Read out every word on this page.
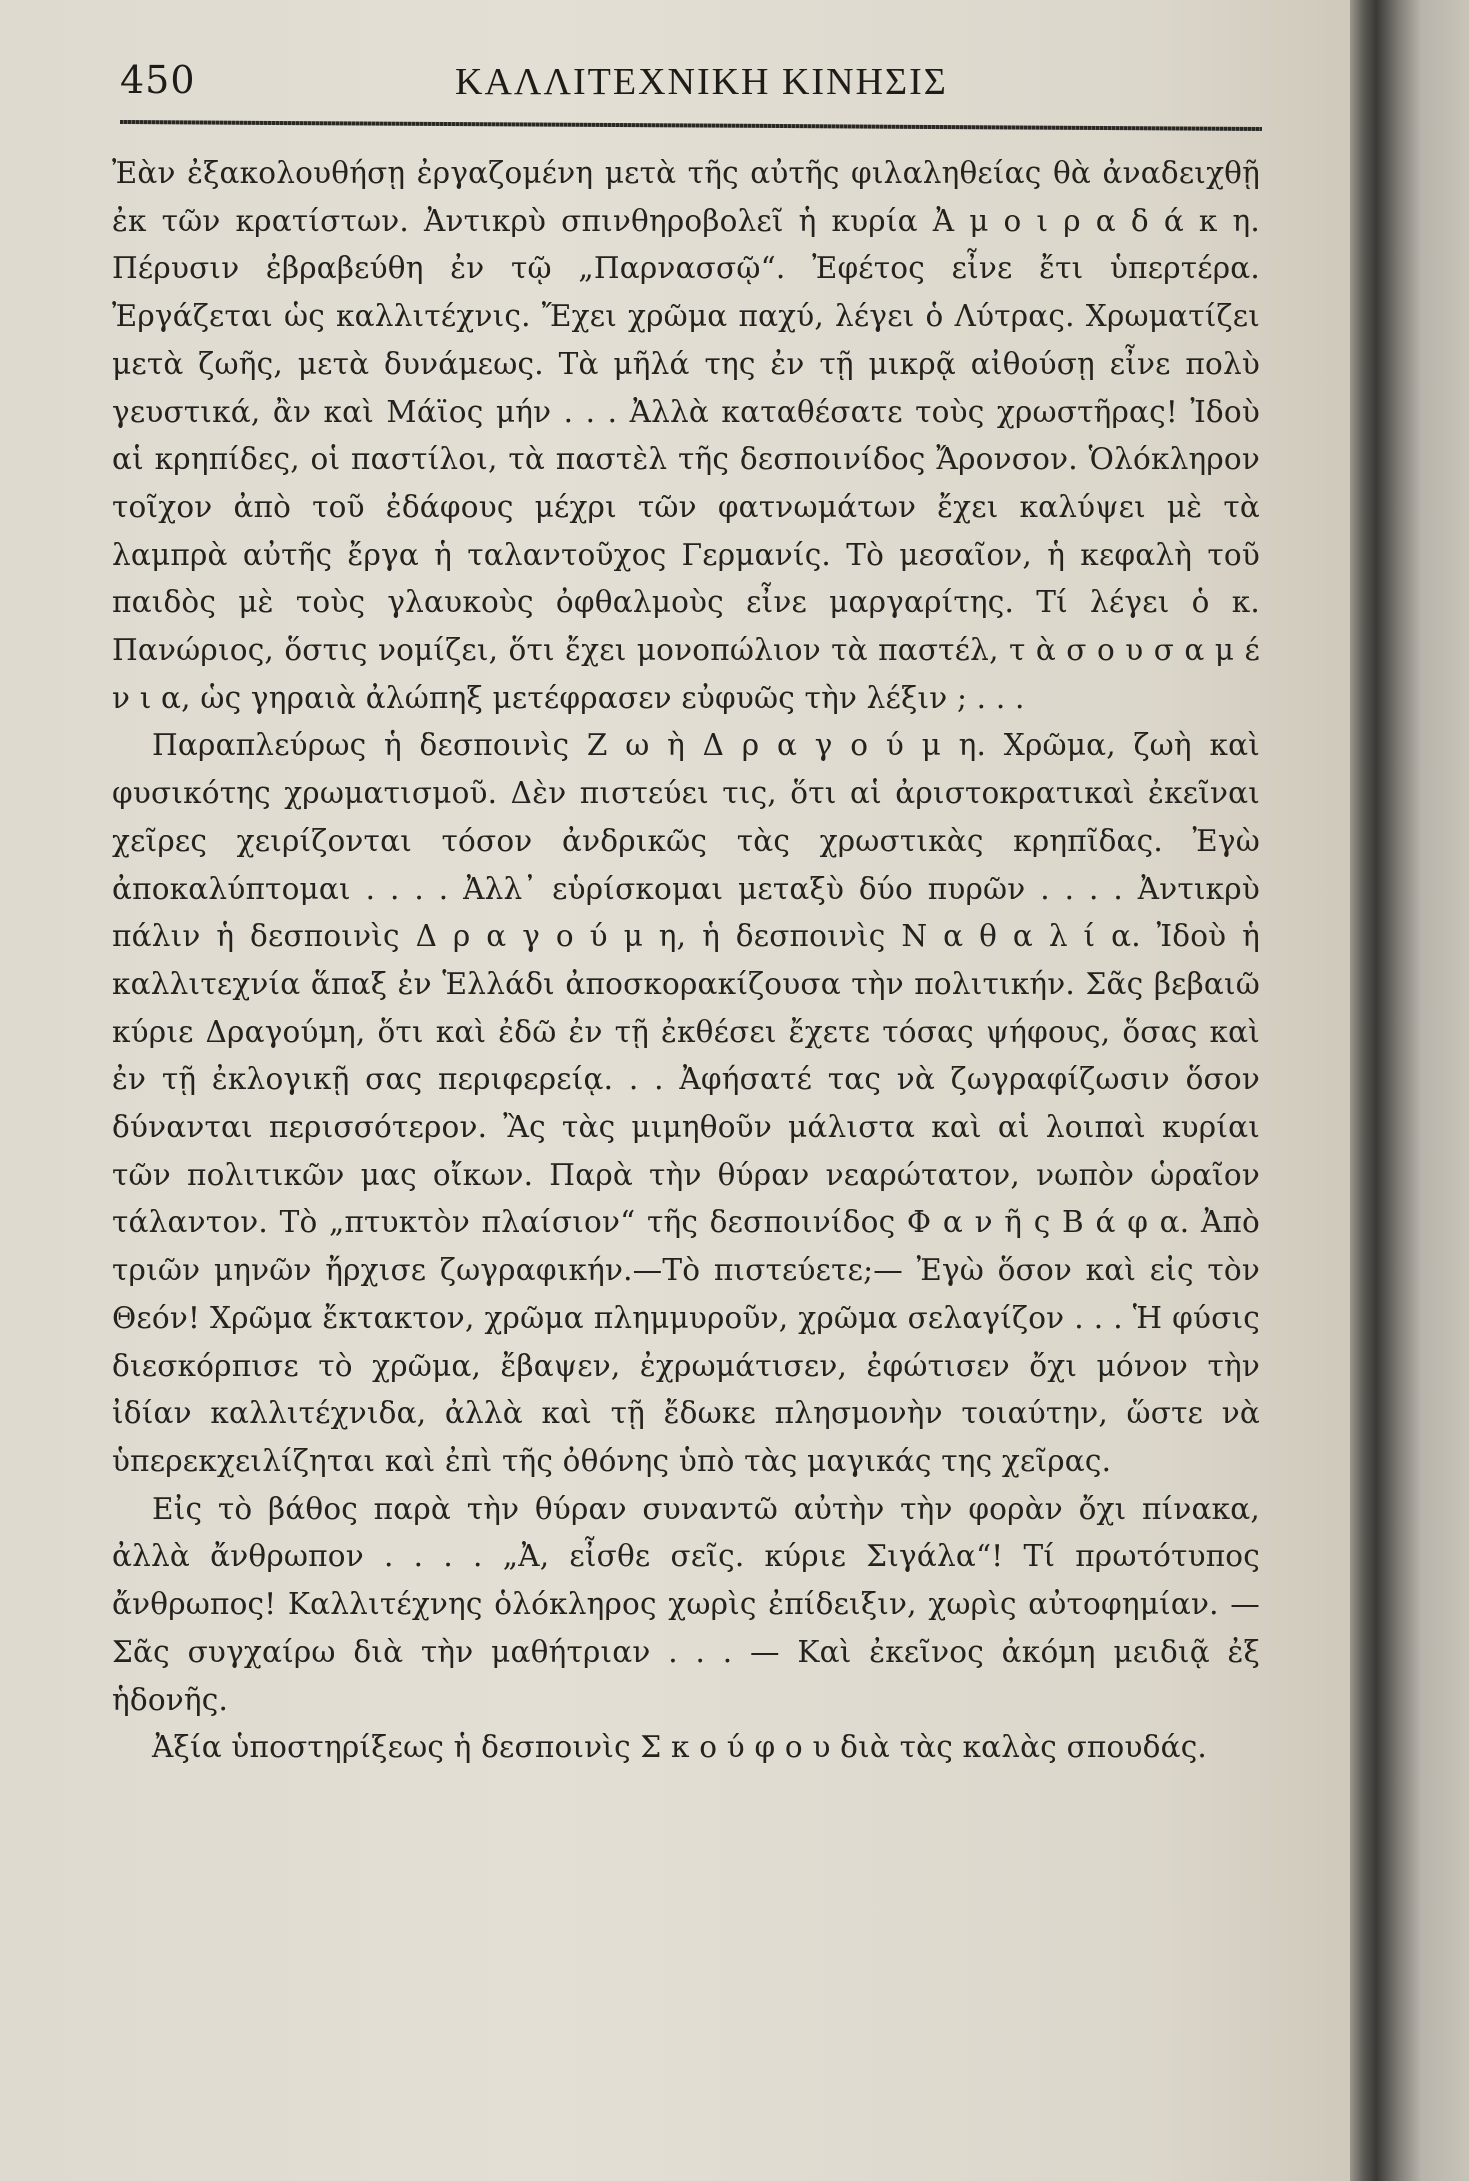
450	ΚΑΛΛΙΤΕΧΝΙΚΗ ΚΙΝΗΣΙΣ

Ἐὰν ἐξακολουθήσῃ ἐργαζομένη μετὰ τῆς αὐτῆς φιλαληθείας θὰ ἀναδειχθῇ ἐκ τῶν κρατίστων. Ἀντικρὺ σπινθηροβολεῖ ἡ κυρία Ἀ μ ο ι ρ α δ ά κ η. Πέρυσιν ἐβραβεύθη ἐν τῷ „Παρνασσῷ“. Ἐφέτος εἶνε ἔτι ὑπερτέρα. Ἐργάζεται ὡς καλλιτέχνις. Ἔχει χρῶμα παχύ, λέγει ὁ Λύτρας. Χρωματίζει μετὰ ζωῆς, μετὰ δυνάμεως. Τὰ μῆλά της ἐν τῇ μικρᾷ αἰθούσῃ εἶνε πολὺ γευστικά, ἂν καὶ Μάϊος μήν . . . Ἀλλὰ καταθέσατε τοὺς χρωστῆρας! Ἰδοὺ αἱ κρηπίδες, οἱ παστίλοι, τὰ παστὲλ τῆς δεσποινίδος Ἄρονσον. Ὁλόκληρον τοῖχον ἀπὸ τοῦ ἐδάφους μέχρι τῶν φατνωμάτων ἔχει καλύψει μὲ τὰ λαμπρὰ αὐτῆς ἔργα ἡ ταλαντοῦχος Γερμανίς. Τὸ μεσαῖον, ἡ κεφαλὴ τοῦ παιδὸς μὲ τοὺς γλαυκοὺς ὀφθαλμοὺς εἶνε μαργαρίτης. Τί λέγει ὁ κ. Πανώριος, ὅστις νομίζει, ὅτι ἔχει μονοπώλιον τὰ παστέλ, τ ὰ σ ο υ σ α μ έ ν ι α, ὡς γηραιὰ ἀλώπηξ μετέφρασεν εὐφυῶς τὴν λέξιν ; . . .

Παραπλεύρως ἡ δεσποινὶς Ζ ω ὴ Δ ρ α γ ο ύ μ η. Χρῶμα, ζωὴ καὶ φυσικότης χρωματισμοῦ. Δὲν πιστεύει τις, ὅτι αἱ ἀριστοκρατικαὶ ἐκεῖναι χεῖρες χειρίζονται τόσον ἀνδρικῶς τὰς χρωστικὰς κρηπῖδας. Ἐγὼ ἀποκαλύπτομαι . . . . Ἀλλ᾽ εὑρίσκομαι μεταξὺ δύο πυρῶν . . . . Ἀντικρὺ πάλιν ἡ δεσποινὶς Δ ρ α γ ο ύ μ η, ἡ δεσποινὶς Ν α θ α λ ί α. Ἰδοὺ ἡ καλλιτεχνία ἅπαξ ἐν Ἑλλάδι ἀποσκορακίζουσα τὴν πολιτικήν. Σᾶς βεβαιῶ κύριε Δραγούμη, ὅτι καὶ ἐδῶ ἐν τῇ ἐκθέσει ἔχετε τόσας ψήφους, ὅσας καὶ ἐν τῇ ἐκλογικῇ σας περιφερείᾳ. . . Ἀφήσατέ τας νὰ ζωγραφίζωσιν ὅσον δύνανται περισσότερον. Ἂς τὰς μιμηθοῦν μάλιστα καὶ αἱ λοιπαὶ κυρίαι τῶν πολιτικῶν μας οἴκων. Παρὰ τὴν θύραν νεαρώτατον, νωπὸν ὡραῖον τάλαντον. Τὸ „πτυκτὸν πλαίσιον“ τῆς δεσποινίδος Φ α ν ῆ ς Β ά φ α. Ἀπὸ τριῶν μηνῶν ἤρχισε ζωγραφικήν.—Τὸ πιστεύετε;— Ἐγὼ ὅσον καὶ εἰς τὸν Θεόν! Χρῶμα ἔκτακτον, χρῶμα πλημμυροῦν, χρῶμα σελαγίζον . . . Ἡ φύσις διεσκόρπισε τὸ χρῶμα, ἔβαψεν, ἐχρωμάτισεν, ἐφώτισεν ὄχι μόνον τὴν ἰδίαν καλλιτέχνιδα, ἀλλὰ καὶ τῇ ἔδωκε πλησμονὴν τοιαύτην, ὥστε νὰ ὑπερεκχειλίζηται καὶ ἐπὶ τῆς ὀθόνης ὑπὸ τὰς μαγικάς της χεῖρας.

Εἰς τὸ βάθος παρὰ τὴν θύραν συναντῶ αὐτὴν τὴν φορὰν ὄχι πίνακα, ἀλλὰ ἄνθρωπον . . . . „Ἀ, εἶσθε σεῖς. κύριε Σιγάλα“! Τί πρωτότυπος ἄνθρωπος! Καλλιτέχνης ὁλόκληρος χωρὶς ἐπίδειξιν, χωρὶς αὐτοφημίαν. — Σᾶς συγχαίρω διὰ τὴν μαθήτριαν . . . — Καὶ ἐκεῖνος ἀκόμη μειδιᾷ ἐξ ἡδονῆς.

Ἀξία ὑποστηρίξεως ἡ δεσποινὶς Σ κ ο ύ φ ο υ διὰ τὰς καλὰς σπουδάς.
